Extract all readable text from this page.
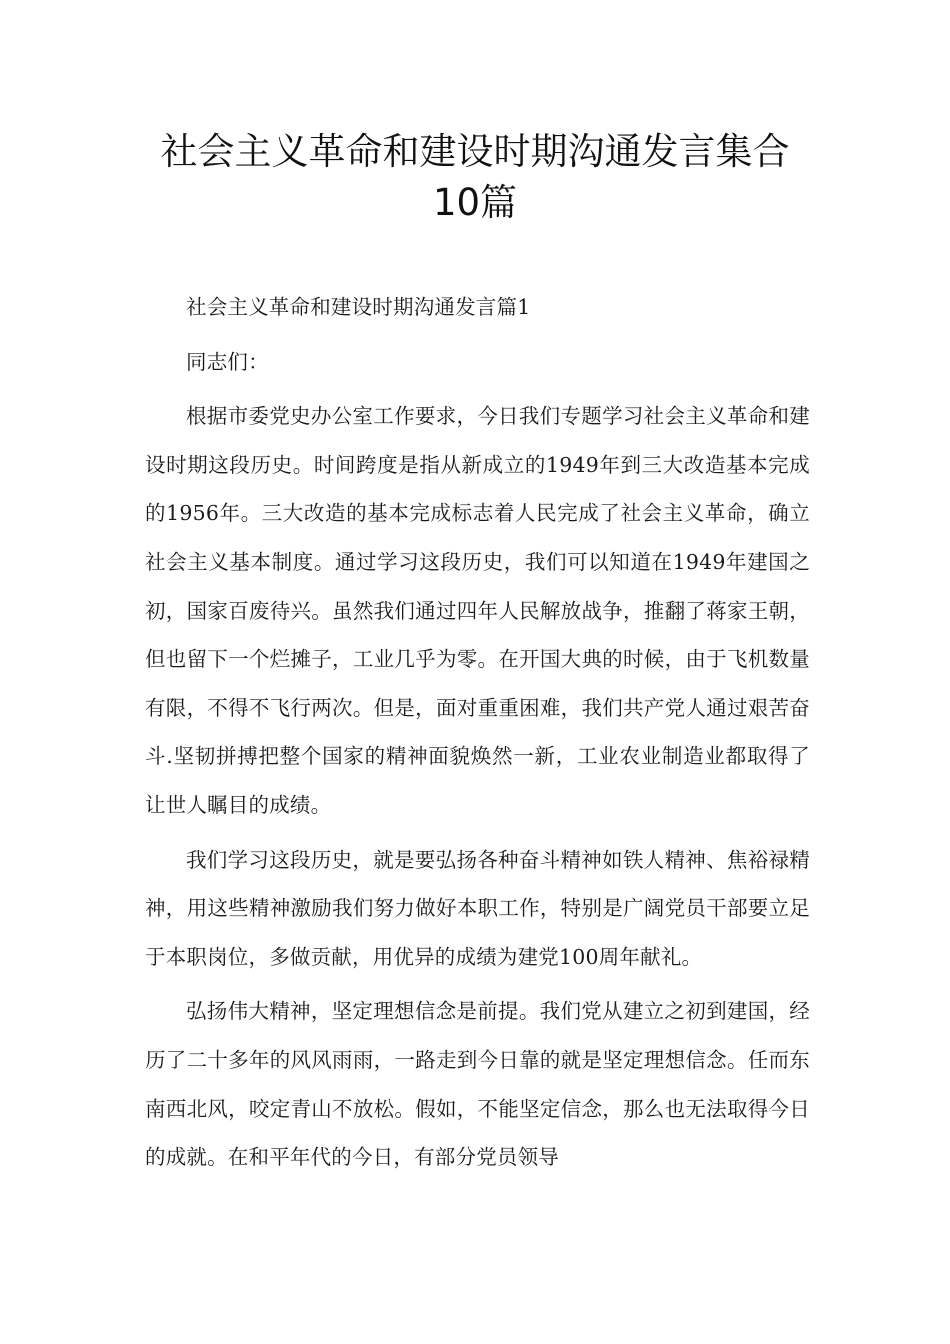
社会主义革命和建设时期沟通发言集合
10篇

社会主义革命和建设时期沟通发言篇1

同志们：

根据市委党史办公室工作要求，今日我们专题学习社会主义革命和建设时期这段历史。时间跨度是指从新成立的1949年到三大改造基本完成的1956年。三大改造的基本完成标志着人民完成了社会主义革命，确立社会主义基本制度。通过学习这段历史，我们可以知道在1949年建国之初，国家百废待兴。虽然我们通过四年人民解放战争，推翻了蒋家王朝，但也留下一个烂摊子，工业几乎为零。在开国大典的时候，由于飞机数量有限，不得不飞行两次。但是，面对重重困难，我们共产党人通过艰苦奋斗.坚韧拼搏把整个国家的精神面貌焕然一新，工业农业制造业都取得了让世人瞩目的成绩。

我们学习这段历史，就是要弘扬各种奋斗精神如铁人精神、焦裕禄精神，用这些精神激励我们努力做好本职工作，特别是广阔党员干部要立足于本职岗位，多做贡献，用优异的成绩为建党100周年献礼。

弘扬伟大精神，坚定理想信念是前提。我们党从建立之初到建国，经历了二十多年的风风雨雨，一路走到今日靠的就是坚定理想信念。任而东南西北风，咬定青山不放松。假如，不能坚定信念，那么也无法取得今日的成就。在和平年代的今日，有部分党员领导
